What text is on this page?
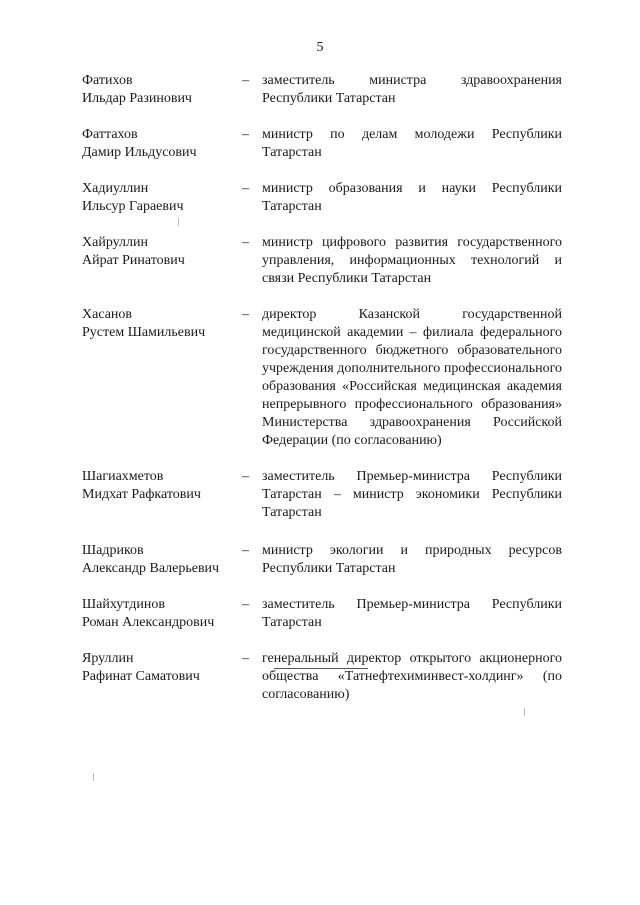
5
Фатихов
Ильдар Разинович
–
заместитель министра здравоохранения Республики Татарстан
Фаттахов
Дамир Ильдусович
–
министр по делам молодежи Республики Татарстан
Хадиуллин
Ильсур Гараевич
–
министр образования и науки Республики Татарстан
Хайруллин
Айрат Ринатович
–
министр цифрового развития государственного управления, информационных технологий и связи Республики Татарстан
Хасанов
Рустем Шамильевич
–
директор Казанской государственной медицинской академии – филиала федерального государственного бюджетного образовательного учреждения дополнительного профессионального образования «Российская медицинская академия непрерывного профессионального образования» Министерства здравоохранения Российской Федерации (по согласованию)
Шагиахметов
Мидхат Рафкатович
–
заместитель Премьер-министра Республики Татарстан – министр экономики Республики Татарстан
Шадриков
Александр Валерьевич
–
министр экологии и природных ресурсов Республики Татарстан
Шайхутдинов
Роман Александрович
–
заместитель Премьер-министра Республики Татарстан
Яруллин
Рафинат Саматович
–
генеральный директор открытого акционерного общества «Татнефтехиминвест-холдинг» (по согласованию)
